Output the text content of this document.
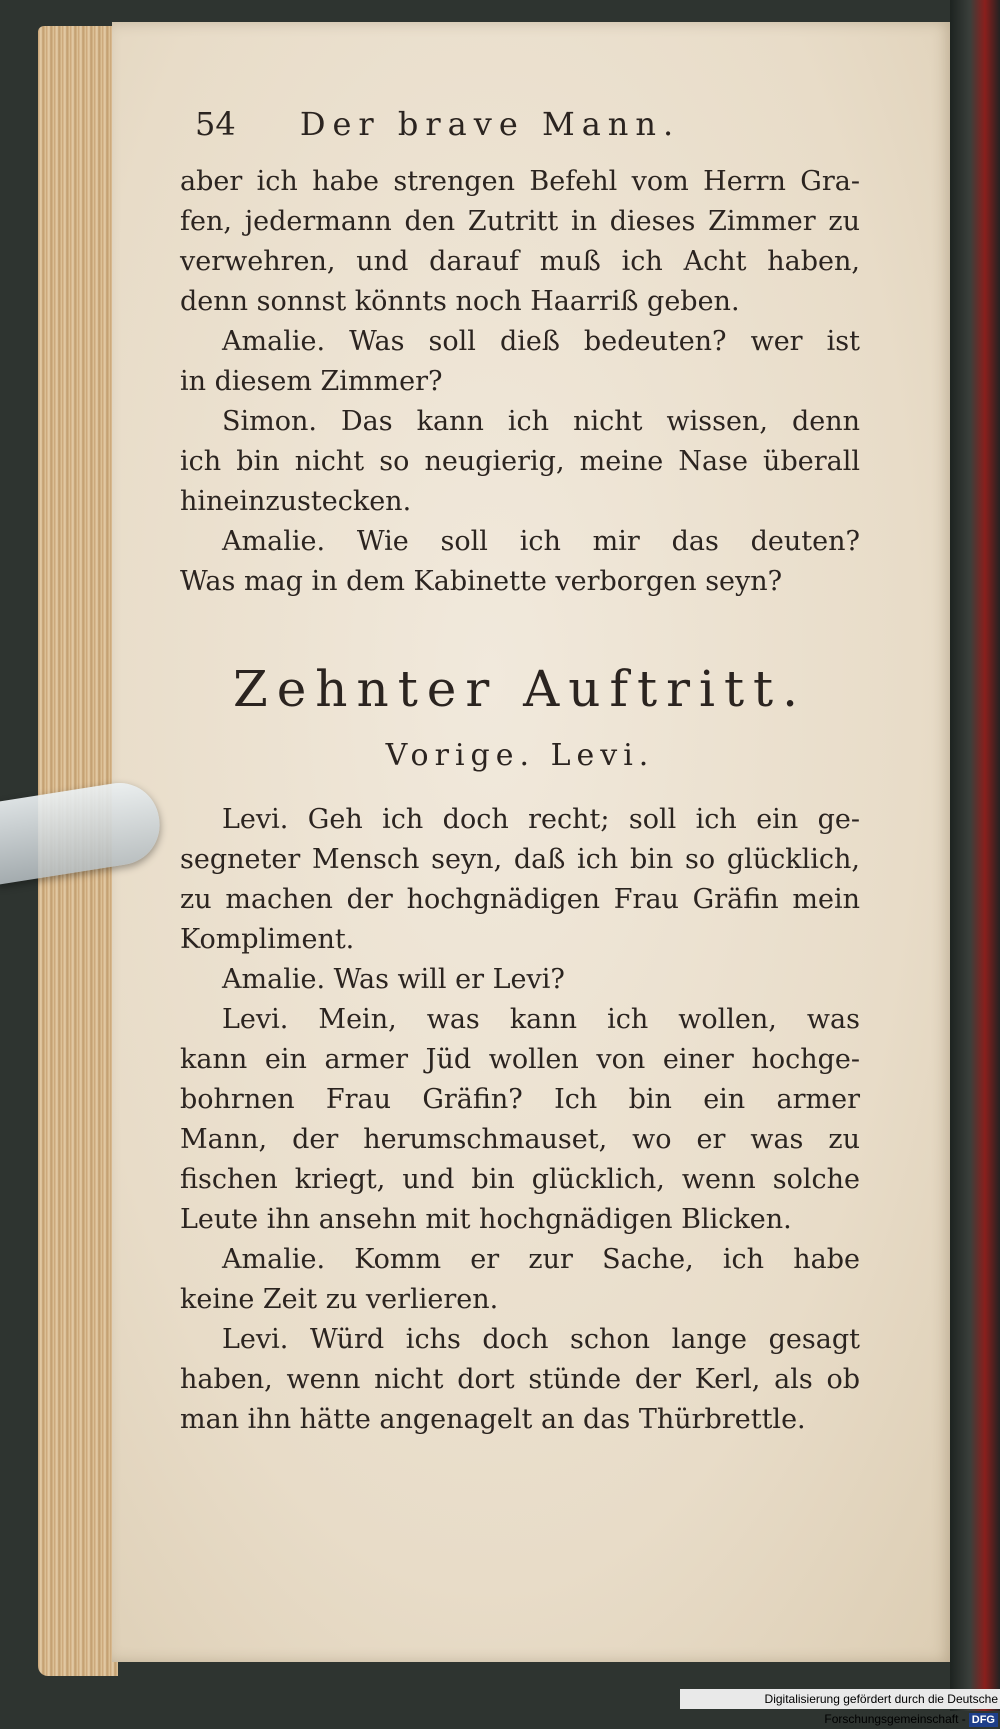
54	Der brave Mann.
aber ich habe strengen Befehl vom Herrn Gra-
fen, jedermann den Zutritt in dieses Zimmer zu
verwehren, und darauf muß ich Acht haben,
denn sonnst könnts noch Haarriß geben.
Amalie. Was soll dieß bedeuten? wer ist
in diesem Zimmer?
Simon. Das kann ich nicht wissen, denn
ich bin nicht so neugierig, meine Nase überall
hineinzustecken.
Amalie. Wie soll ich mir das deuten?
Was mag in dem Kabinette verborgen seyn?
Zehnter Auftritt.
Vorige. Levi.
Levi. Geh ich doch recht; soll ich ein ge-
segneter Mensch seyn, daß ich bin so glücklich,
zu machen der hochgnädigen Frau Gräfin mein
Kompliment.
Amalie. Was will er Levi?
Levi. Mein, was kann ich wollen, was
kann ein armer Jüd wollen von einer hochge-
bohrnen Frau Gräfin? Ich bin ein armer
Mann, der herumschmauset, wo er was zu
fischen kriegt, und bin glücklich, wenn solche
Leute ihn ansehn mit hochgnädigen Blicken.
Amalie. Komm er zur Sache, ich habe
keine Zeit zu verlieren.
Levi. Würd ichs doch schon lange gesagt
haben, wenn nicht dort stünde der Kerl, als ob
man ihn hätte angenagelt an das Thürbrettle.
Digitalisierung gefördert durch die Deutsche Forschungsgemeinschaft - DFG
